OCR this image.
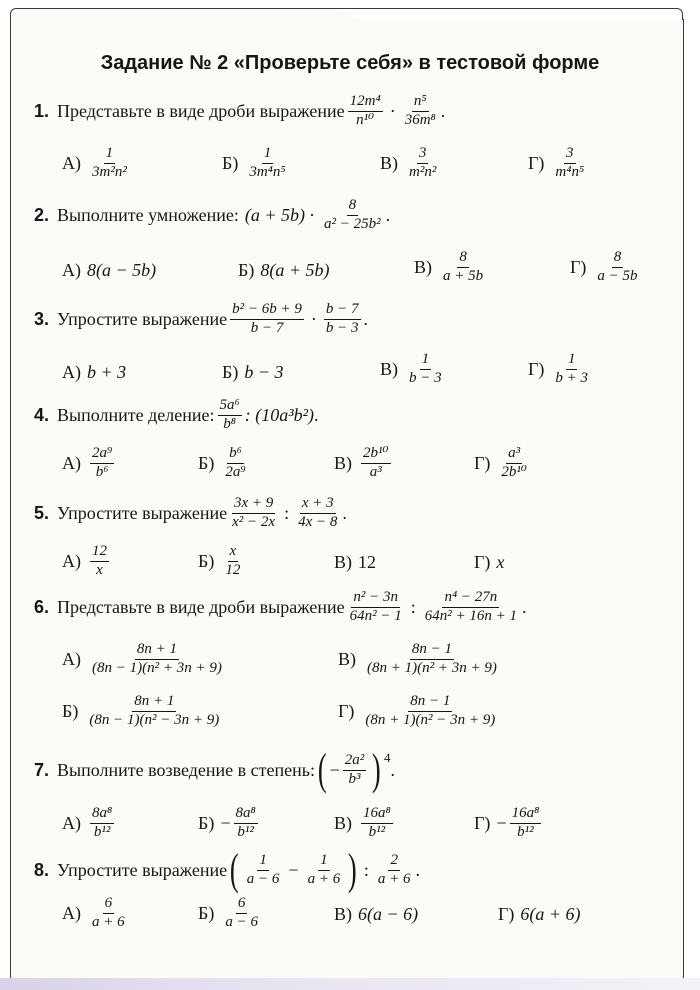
Задание № 2 «Проверьте себя» в тестовой форме
1. Представьте в виде дроби выражение $\frac{\text{12m⁴}}{\text{n¹⁰}} \cdot \frac{\text{n⁵}}{\text{36m⁸}}$ .
$А) \frac{1}{\text{3m²n²}}$	$Б) \frac{1}{\text{3m⁴n⁵}}$	$В) \frac{3}{\text{m²n²}}$	$Г) \frac{3}{\text{m⁴n⁵}}$
2. Выполните умножение: $(a + 5b) \cdot \frac{8}{\text{a² − 25b²}}$ .
А) 8(a − 5b)	Б) 8(a + 5b)	$В) \frac{8}{a + 5b}$	$Г) \frac{8}{a - 5b}$
3. Упростите выражение $\frac{\text{b² − 6b + 9}}{b - 7} \cdot \frac{b - 7}{b - 3}$ .
А) b + 3	Б) b − 3	$В) \frac{1}{b - 3}$	$Г) \frac{1}{b + 3}$
4. Выполните деление: $\frac{\text{5a⁶}}{\text{b⁸}}$ : (10a³b²) .
$А) \frac{\text{2a⁹}}{\text{b⁶}}$	$Б) \frac{\text{b⁶}}{\text{2a⁹}}$	$В) \frac{\text{2b¹⁰}}{\text{a³}}$	$Г) \frac{\text{a³}}{\text{2b¹⁰}}$
5. Упростите выражение $\frac{3x + 9}{\text{x² − 2x}}$ : $\frac{x + 3}{4x - 8}$ .
$А) \frac{12}{x}$	$Б) \frac{x}{12}$	В) 12	Г) x
6. Представьте в виде дроби выражение $\frac{\text{n² − 3n}}{\text{64n² − 1}}$ : $\frac{\text{n⁴ − 27n}}{\text{64n² + 16n + 1}}$ .
$А) \frac{8n + 1}{\text{(8n − 1)(n² + 3n + 9)}}$	$В) \frac{8n - 1}{\text{(8n + 1)(n² + 3n + 9)}}$
$Б) \frac{8n + 1}{\text{(8n − 1)(n² − 3n + 9)}}$	$Г) \frac{8n - 1}{\text{(8n + 1)(n² − 3n + 9)}}$
7. Выполните возведение в степень: ( − $\frac{\text{2a²}}{\text{b³}}$ ) 4
.
$А) \frac{\text{8a⁸}}{\text{b¹²}}$	$Б) - \frac{\text{8a⁸}}{\text{b¹²}}$	$В) \frac{\text{16a⁸}}{\text{b¹²}}$	$Г) - \frac{\text{16a⁸}}{\text{b¹²}}$
8. Упростите выражение ( $\frac{1}{a - 6} - \frac{1}{a + 6}$ ) : $\frac{2}{a + 6}$ .
$А) \frac{6}{a + 6}$	$Б) \frac{6}{a - 6}$	В) 6(a − 6)	Г) 6(a + 6)
